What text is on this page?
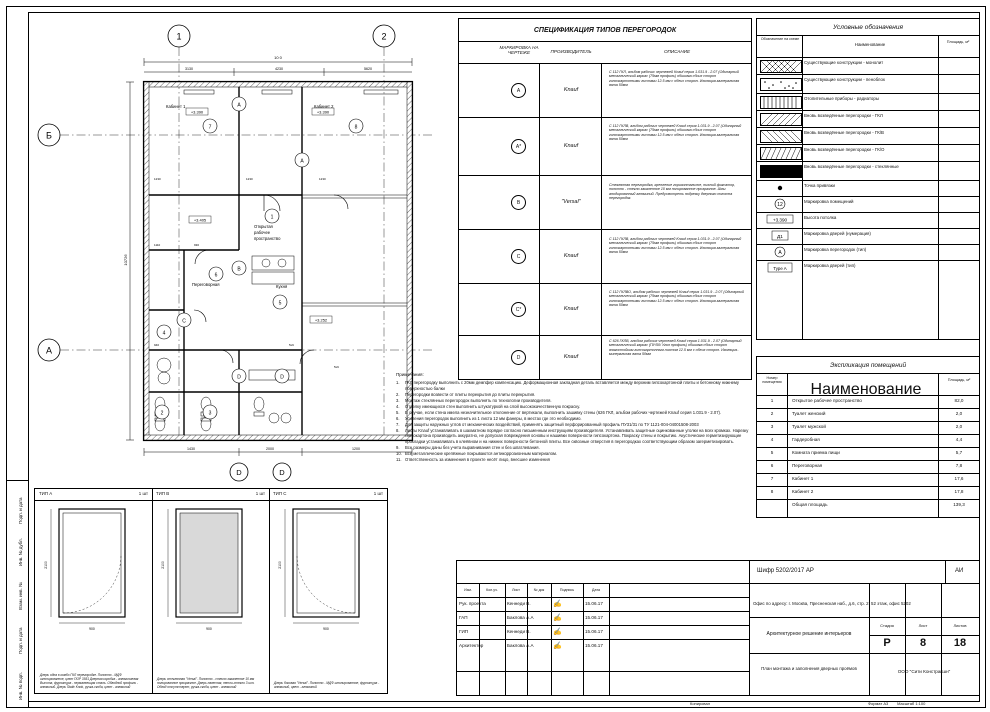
Инв. № подп.
Подп. и дата
Взам. инв. №
Инв. № дубл.
Подп. и дата
1	2
Б
A
10 0
3130	4230	5620
10726
+3.390	+3.390
+3.405
+3.252
Кабинет 1	Кабинет 2
Открытая
рабочее
пространство
Переговорная	Кухня
7	8
1
6
5
4
2	3
A
A
B
C
D	D
1430	2000	1200
1230	1230	1230
1110	930
940	5x9
5x9
D	D
СПЕЦИФИКАЦИЯ ТИПОВ ПЕРЕГОРОДОК
МАРКИРОВКА НА ЧЕРТЕЖЕ	ПРОИЗВОДИТЕЛЬ	ОПИСАНИЕ
A	Knauf
С 112 ГКЛ, альбом рабочих чертежей Knauf серия 1.031.9 - 2.07 (Одинарный металлический каркас (75мм профиль) обшивка сбоих сторон гипсокартонными листами 12.5 мм с обеих сторон. Изоляция-минеральная вата 50мм
A*	Knauf
С 112 ГКЛВ, альбом рабочих чертежей Knauf серия 1.031.9 - 2.07 (Одинарный металлический каркас (75мм профиль) обшивка сбоих сторон гипсокартонными листами 12.5 мм с обеих сторон. Изоляция-минеральная вата 50мм
B	"Versal"
Стеклянная перегородка, крепление горизонтальное, нижний фиксатор, полотно - стекло закаленное 10 мм полированное прозрачное. Швы анодированный алюминий. Предусмотреть подрезку дверного полотна перегородок.
C	Knauf
С 112 ГКЛВ, альбом рабочих чертежей Knauf серия 1.031.9 - 2.07 (Одинарный металлический каркас (75мм профиль) обшивка сбоих сторон гипсокартонными листами 12.5 мм с обеих сторон. Изоляция-минеральная вата 50мм
C*	Knauf
С 112 ГКЛВО, альбом рабочих чертежей Knauf серия 1.031.9 - 2.07 (Одинарный металлический каркас (75мм профиль) обшивка сбоих сторон гипсокартонными листами 12.5 мм с обеих сторон. Изоляция-минеральная вата 50мм
D	Knauf
С 626 ГКЛВ, альбом рабочих чертежей Knauf серия 1.031.9 - 2.07 (Одинарный металлический каркас (ПУ/50/ Угол профиль) обшивка сбоих сторон влагостойким гипсокартонным листом 12.5 мм с обеих сторон. Изоляция-минеральная вата 50мм
Условные обозначения
Обозначение на схеме
Наименование	Площадь, м²
Существующие конструкции - монолит
Существующие конструкции - пеноблок
Отопительные приборы - радиаторы
Вновь возведённые перегородки - ГКЛ
Вновь возведённые перегородки - ГК/В
Вновь возведённые перегородки - ГК/О
Вновь возведённые перегородки - стеклянные
Точка привязки
12
Маркировка помещений
+3.390	Высота потолка
Д1
Маркировка дверей (нумерация)
A
Маркировка перегородок (тип)
Type A
Маркировка дверей (тип)
Экспликация помещений
Номер помещения	Наименование
Площадь, м²
1	Открытое рабочее пространство	82,0
2	Туалет женский	2,0
3	Туалет мужской	2,0
4	Гардеробная	4,4
5	Комната приема пищи	5,7
6	Переговорная	7,8
7	Кабинет 1	17,6
8	Кабинет 2	17,8
Общая площадь	139,3
Примечания:
1. ГКЛ перегородку выполнить с 20мм демпфер компенсацию. Деформационная закладная деталь вставляется между верхним гипсокартонной плиты и бетонному нижнему поверхностью балки
2. Перегородки возвести от плиты перекрытия до плиты перекрытия.
3. Монтаж стеклянных перегородок выполнять по технологии производителя.
4. Отделку имеющихся стен выполнить штукатуркой на слой высококачественную покраску.
5. В случае, если стена имела незначительное отклонение от вертикали, выполнить зашивку стены (626 ГКЛ, альбом рабочих чертежей Knauf серия 1.031.9 - 2.07).
6. Усиления перегородок выполнить из 1 листа 12 мм фанеры, в местах где это необходимо.
7. Для защиты наружных углов от механических воздействий, применять защитный перфорированный профиль ПУ31/31 по ТУ 1121-004-04001508-2003
8. Листы Knauf устанавливать в шахматном порядке согласно письменным инструкциям производителя. Устанавливать защитные оцинкованные уголки на всех кромках. Нарезку гипсокартона производить аккуратно, не допуская повреждения основы и нашивки поверхности гипсокартона. Покраску стены и покрытию. Акустические герметизирующие прокладки устанавливать в клеёвном и на нижних поверхности бетонной плиты. Все сквозные отверстия в перегородках соответствующим образом загерметизировать.
9. Все размеры даны без учета выравнивания стен и без шпатлевания.
10. Все металлические крепёжные покрываются антикоррозионным материалом.
11. Ответственность за изменения в проекте несёт лицо, внесшее изменения
ТИП А	1 шт
900
2100
Дверь одна в комбо ГКЛ перегородке. Полотно - МДФ шпонированное, цвет ПОР 3551 Дверная коробка - алюминиевая Высота, фурнитура - нержавеющая сталь. Обводной профиль - алюминий. Дверь Static Knob, ручка-скоба, цвет - алюминий
ТИП В	1 шт
900
2100
Дверь стеклянная "Versal". Полотно - стекло закаленное 10 мм полированное прозрачное. Дверь навесная, петли-стекло 3 шт. Обвод отсутствует, ручка-скоба, цвет - алюминий
ТИП С	1 шт
900
2100
Дверь боковая "Versal". Полотно - МДФ шпонированное, фурнитура - алюминий, цвет - алюминий
Шифр 5202/2017 АР	АИ
Изм.	Кол.уч.	Лист	№ док	Подпись	Дата
Рук. проекта	Кеннеди В.	15.06.17
✍
ГАП	Баклова А.А	15.06.17
✍
ГИП	Кеннеди В.	15.06.17
✍
Архитектор	Баклова А.А	15.06.17
✍
Офис по адресу: г. Москва, Пресненская наб., д.6, стр. 2, 52 этаж, офис 5202
Архитектурное решение интерьеров
План монтажа и заполнения дверных проёмов
Стадия	Лист	Листов
Р	8	18
ООО "Сити Констракшн"
Копировал	Формат А3        Масштаб 1:100
